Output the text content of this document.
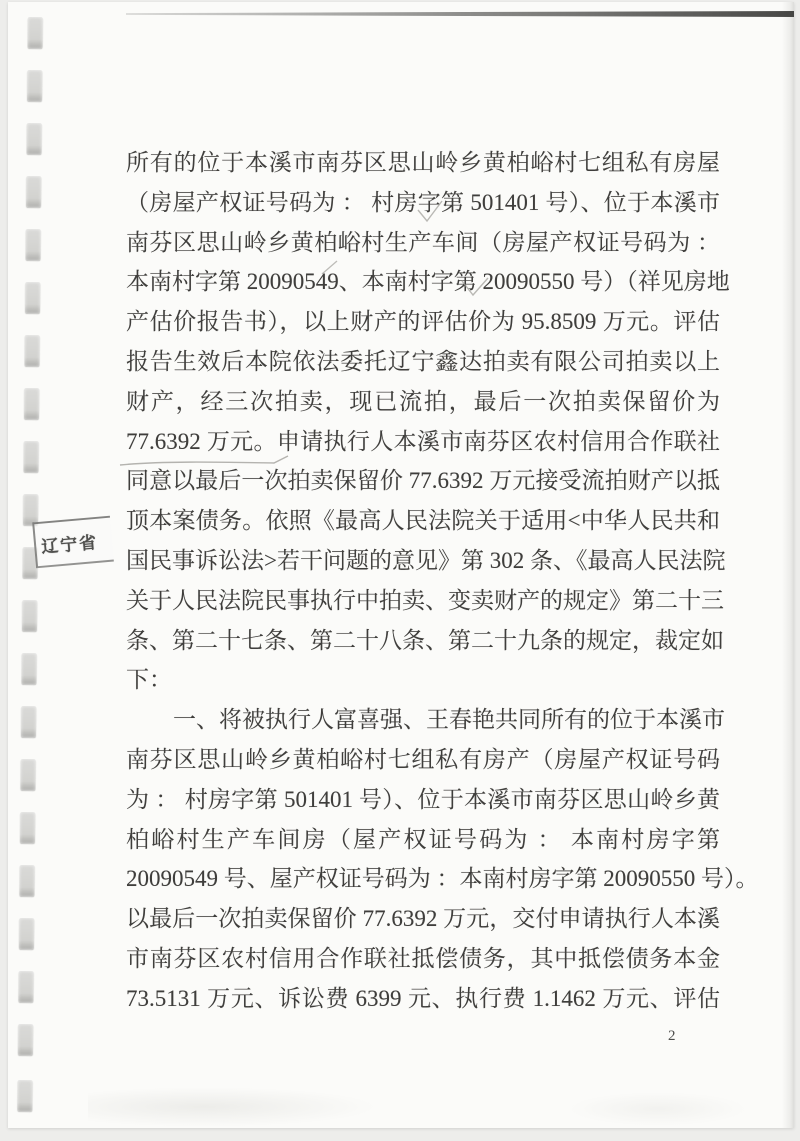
辽宁省
所有的位于本溪市南芬区思山岭乡黄柏峪村七组私有房屋
（房屋产权证号码为 ： 村房字第 501401 号）、位于本溪市
南芬区思山岭乡黄柏峪村生产车间（房屋产权证号码为 ：
本南村字第 20090549、本南村字第 20090550 号）（祥见房地
产估价报告书），以上财产的评估价为 95.8509 万元。评估
报告生效后本院依法委托辽宁鑫达拍卖有限公司拍卖以上
财产，经三次拍卖，现已流拍，最后一次拍卖保留价为
77.6392 万元。申请执行人本溪市南芬区农村信用合作联社
同意以最后一次拍卖保留价 77.6392 万元接受流拍财产以抵
顶本案债务。依照《最高人民法院关于适用<中华人民共和
国民事诉讼法>若干问题的意见》第 302 条、《最高人民法院
关于人民法院民事执行中拍卖、变卖财产的规定》第二十三
条、第二十七条、第二十八条、第二十九条的规定，裁定如
下：
一、将被执行人富喜强、王春艳共同所有的位于本溪市
南芬区思山岭乡黄柏峪村七组私有房产（房屋产权证号码
为 ： 村房字第 501401 号）、位于本溪市南芬区思山岭乡黄
柏峪村生产车间房（屋产权证号码为 ： 本南村房字第
20090549 号、屋产权证号码为 ：本南村房字第 20090550 号）。
以最后一次拍卖保留价 77.6392 万元，交付申请执行人本溪
市南芬区农村信用合作联社抵偿债务，其中抵偿债务本金
73.5131 万元、诉讼费 6399 元、执行费 1.1462 万元、评估
2
